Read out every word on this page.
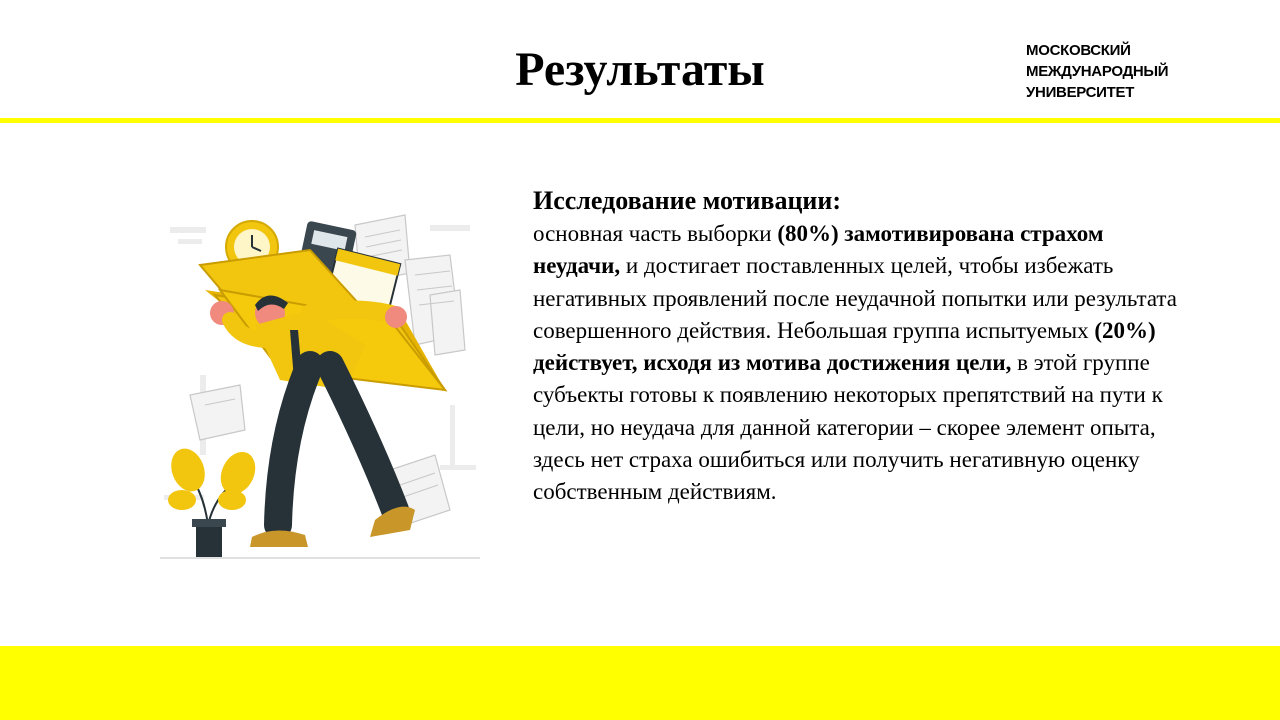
Результаты	МОСКОВСКИЙ
МЕЖДУНАРОДНЫЙ
УНИВЕРСИТЕТ
Исследование мотивации:
основная часть выборки (80%) замотивирована страхом неудачи, и достигает поставленных целей, чтобы избежать негативных проявлений после неудачной попытки или результата совершенного действия. Небольшая группа испытуемых (20%) действует, исходя из мотива достижения цели, в этой группе субъекты готовы к появлению некоторых препятствий на пути к цели, но неудача для данной категории – скорее элемент опыта, здесь нет страха ошибиться или получить негативную оценку собственным действиям.
